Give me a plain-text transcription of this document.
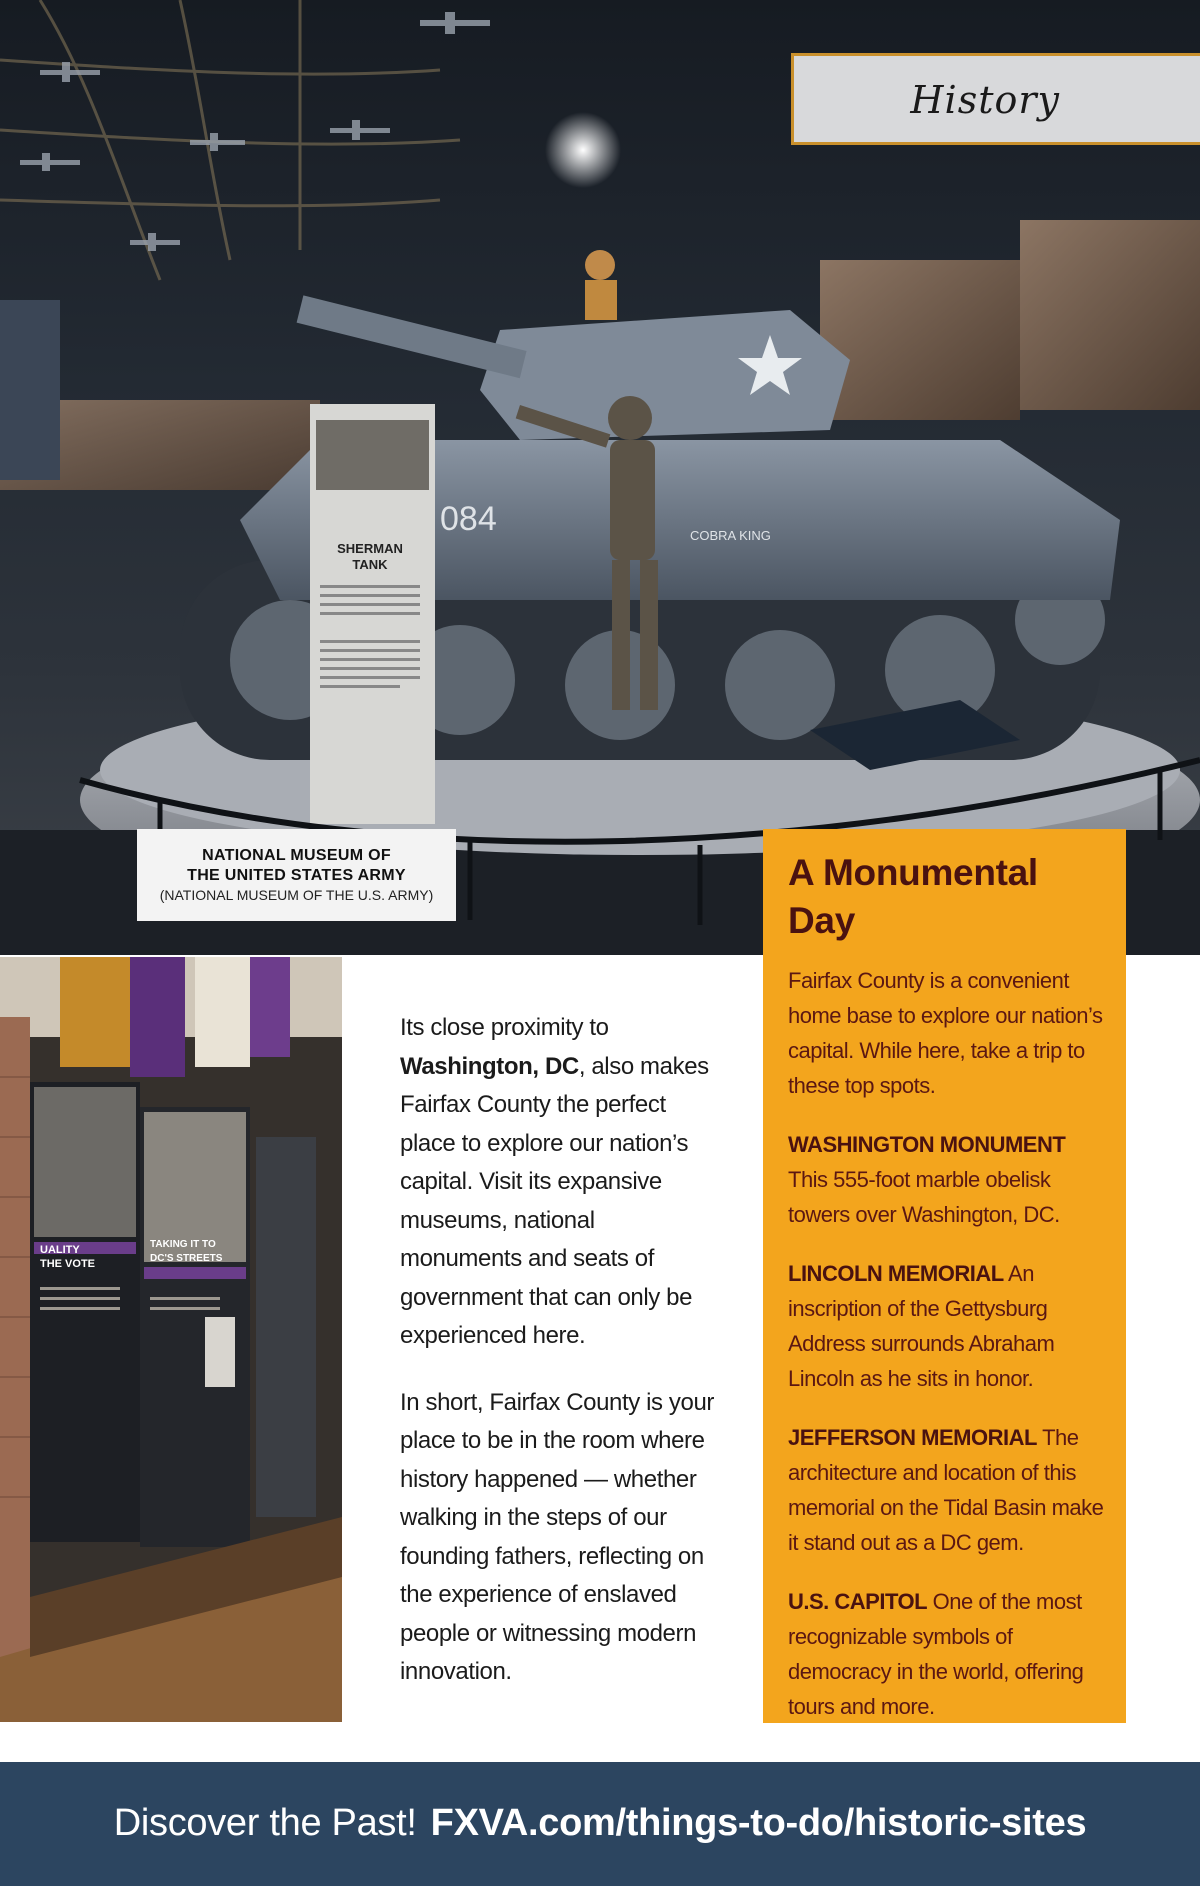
084	COBRA KING
SHERMAN
TANK
History
NATIONAL MUSEUM OF
THE UNITED STATES ARMY
(NATIONAL MUSEUM OF THE U.S. ARMY)
UALITY
THE VOTE
TAKING IT TO
DC'S STREETS

Its close proximity to
Washington, DC, also makes Fairfax County the perfect place to explore our nation’s capital. Visit its expansive museums, national monuments and seats of government that can only be experienced here.

In short, Fairfax County is your place to be in the room where history happened — whether walking in the steps of our founding fathers, reflecting on the experience of enslaved people or witnessing modern innovation.

A Monumental Day

Fairfax County is a convenient home base to explore our nation’s capital. While here, take a trip to these top spots.

WASHINGTON MONUMENT This 555-foot marble obelisk towers over Washington, DC.

LINCOLN MEMORIAL An inscription of the Gettysburg Address surrounds Abraham Lincoln as he sits in honor.

JEFFERSON MEMORIAL The architecture and location of this memorial on the Tidal Basin make it stand out as a DC gem.

U.S. CAPITOL One of the most recognizable symbols of democracy in the world, offering tours and more.

Discover the Past! FXVA.com/things-to-do/historic-sites
